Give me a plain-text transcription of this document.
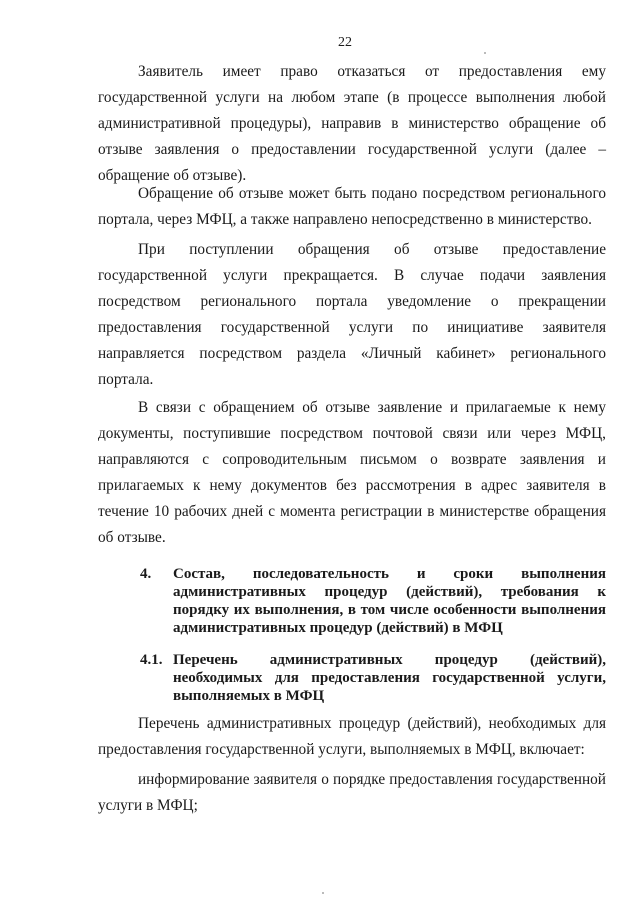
22

Заявитель имеет право отказаться от предоставления ему государственной услуги на любом этапе (в процессе выполнения любой административной процедуры), направив в министерство обращение об отзыве заявления о предоставлении государственной услуги (далее – обращение об отзыве).

Обращение об отзыве может быть подано посредством регионального портала, через МФЦ, а также направлено непосредственно в министерство.

При поступлении обращения об отзыве предоставление государственной услуги прекращается. В случае подачи заявления посредством регионального портала уведомление о прекращении предоставления государственной услуги по инициативе заявителя направляется посредством раздела «Личный кабинет» регионального портала.

В связи с обращением об отзыве заявление и прилагаемые к нему документы, поступившие посредством почтовой связи или через МФЦ, направляются с сопроводительным письмом о возврате заявления и прилагаемых к нему документов без рассмотрения в адрес заявителя в течение 10 рабочих дней с момента регистрации в министерстве обращения об отзыве.

4. Состав, последовательность и сроки выполнения административных процедур (действий), требования к порядку их выполнения, в том числе особенности выполнения административных процедур (действий) в МФЦ
4.1. Перечень административных процедур (действий), необходимых для предоставления государственной услуги, выполняемых в МФЦ

Перечень административных процедур (действий), необходимых для предоставления государственной услуги, выполняемых в МФЦ, включает:

информирование заявителя о порядке предоставления государственной услуги в МФЦ;
